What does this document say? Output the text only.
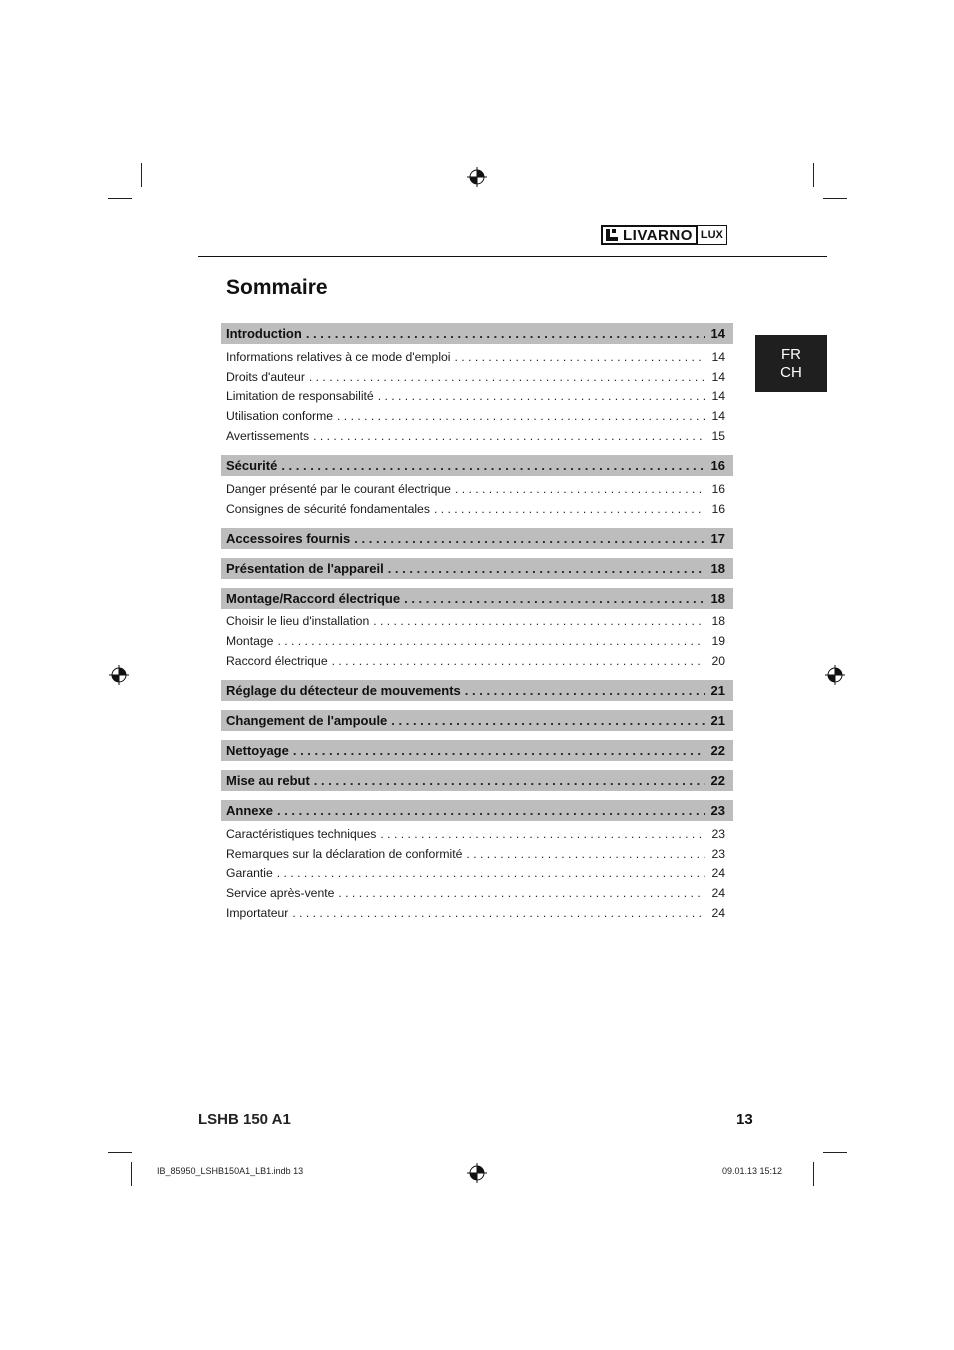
LIVARNO LUX
Sommaire
FR
CH
Introduction . . .	14
Informations relatives à ce mode d'emploi . . .	14
Droits d'auteur . . .	14
Limitation de responsabilité . . .	14
Utilisation conforme . . .	14
Avertissements . . .	15
Sécurité . . .	16
Danger présenté par le courant électrique . . .	16
Consignes de sécurité fondamentales . . .	16
Accessoires fournis . . .	17
Présentation de l'appareil . . .	18
Montage/Raccord électrique . . .	18
Choisir le lieu d'installation . . .	18
Montage . . .	19
Raccord électrique . . .	20
Réglage du détecteur de mouvements . . .	21
Changement de l'ampoule . . .	21
Nettoyage . . .	22
Mise au rebut . . .	22
Annexe . . .	23
Caractéristiques techniques . . .	23
Remarques sur la déclaration de conformité . . .	23
Garantie . . .	24
Service après-vente . . .	24
Importateur . . .	24
LSHB 150 A1	13
IB_85950_LSHB150A1_LB1.indb 13	09.01.13 15:12
